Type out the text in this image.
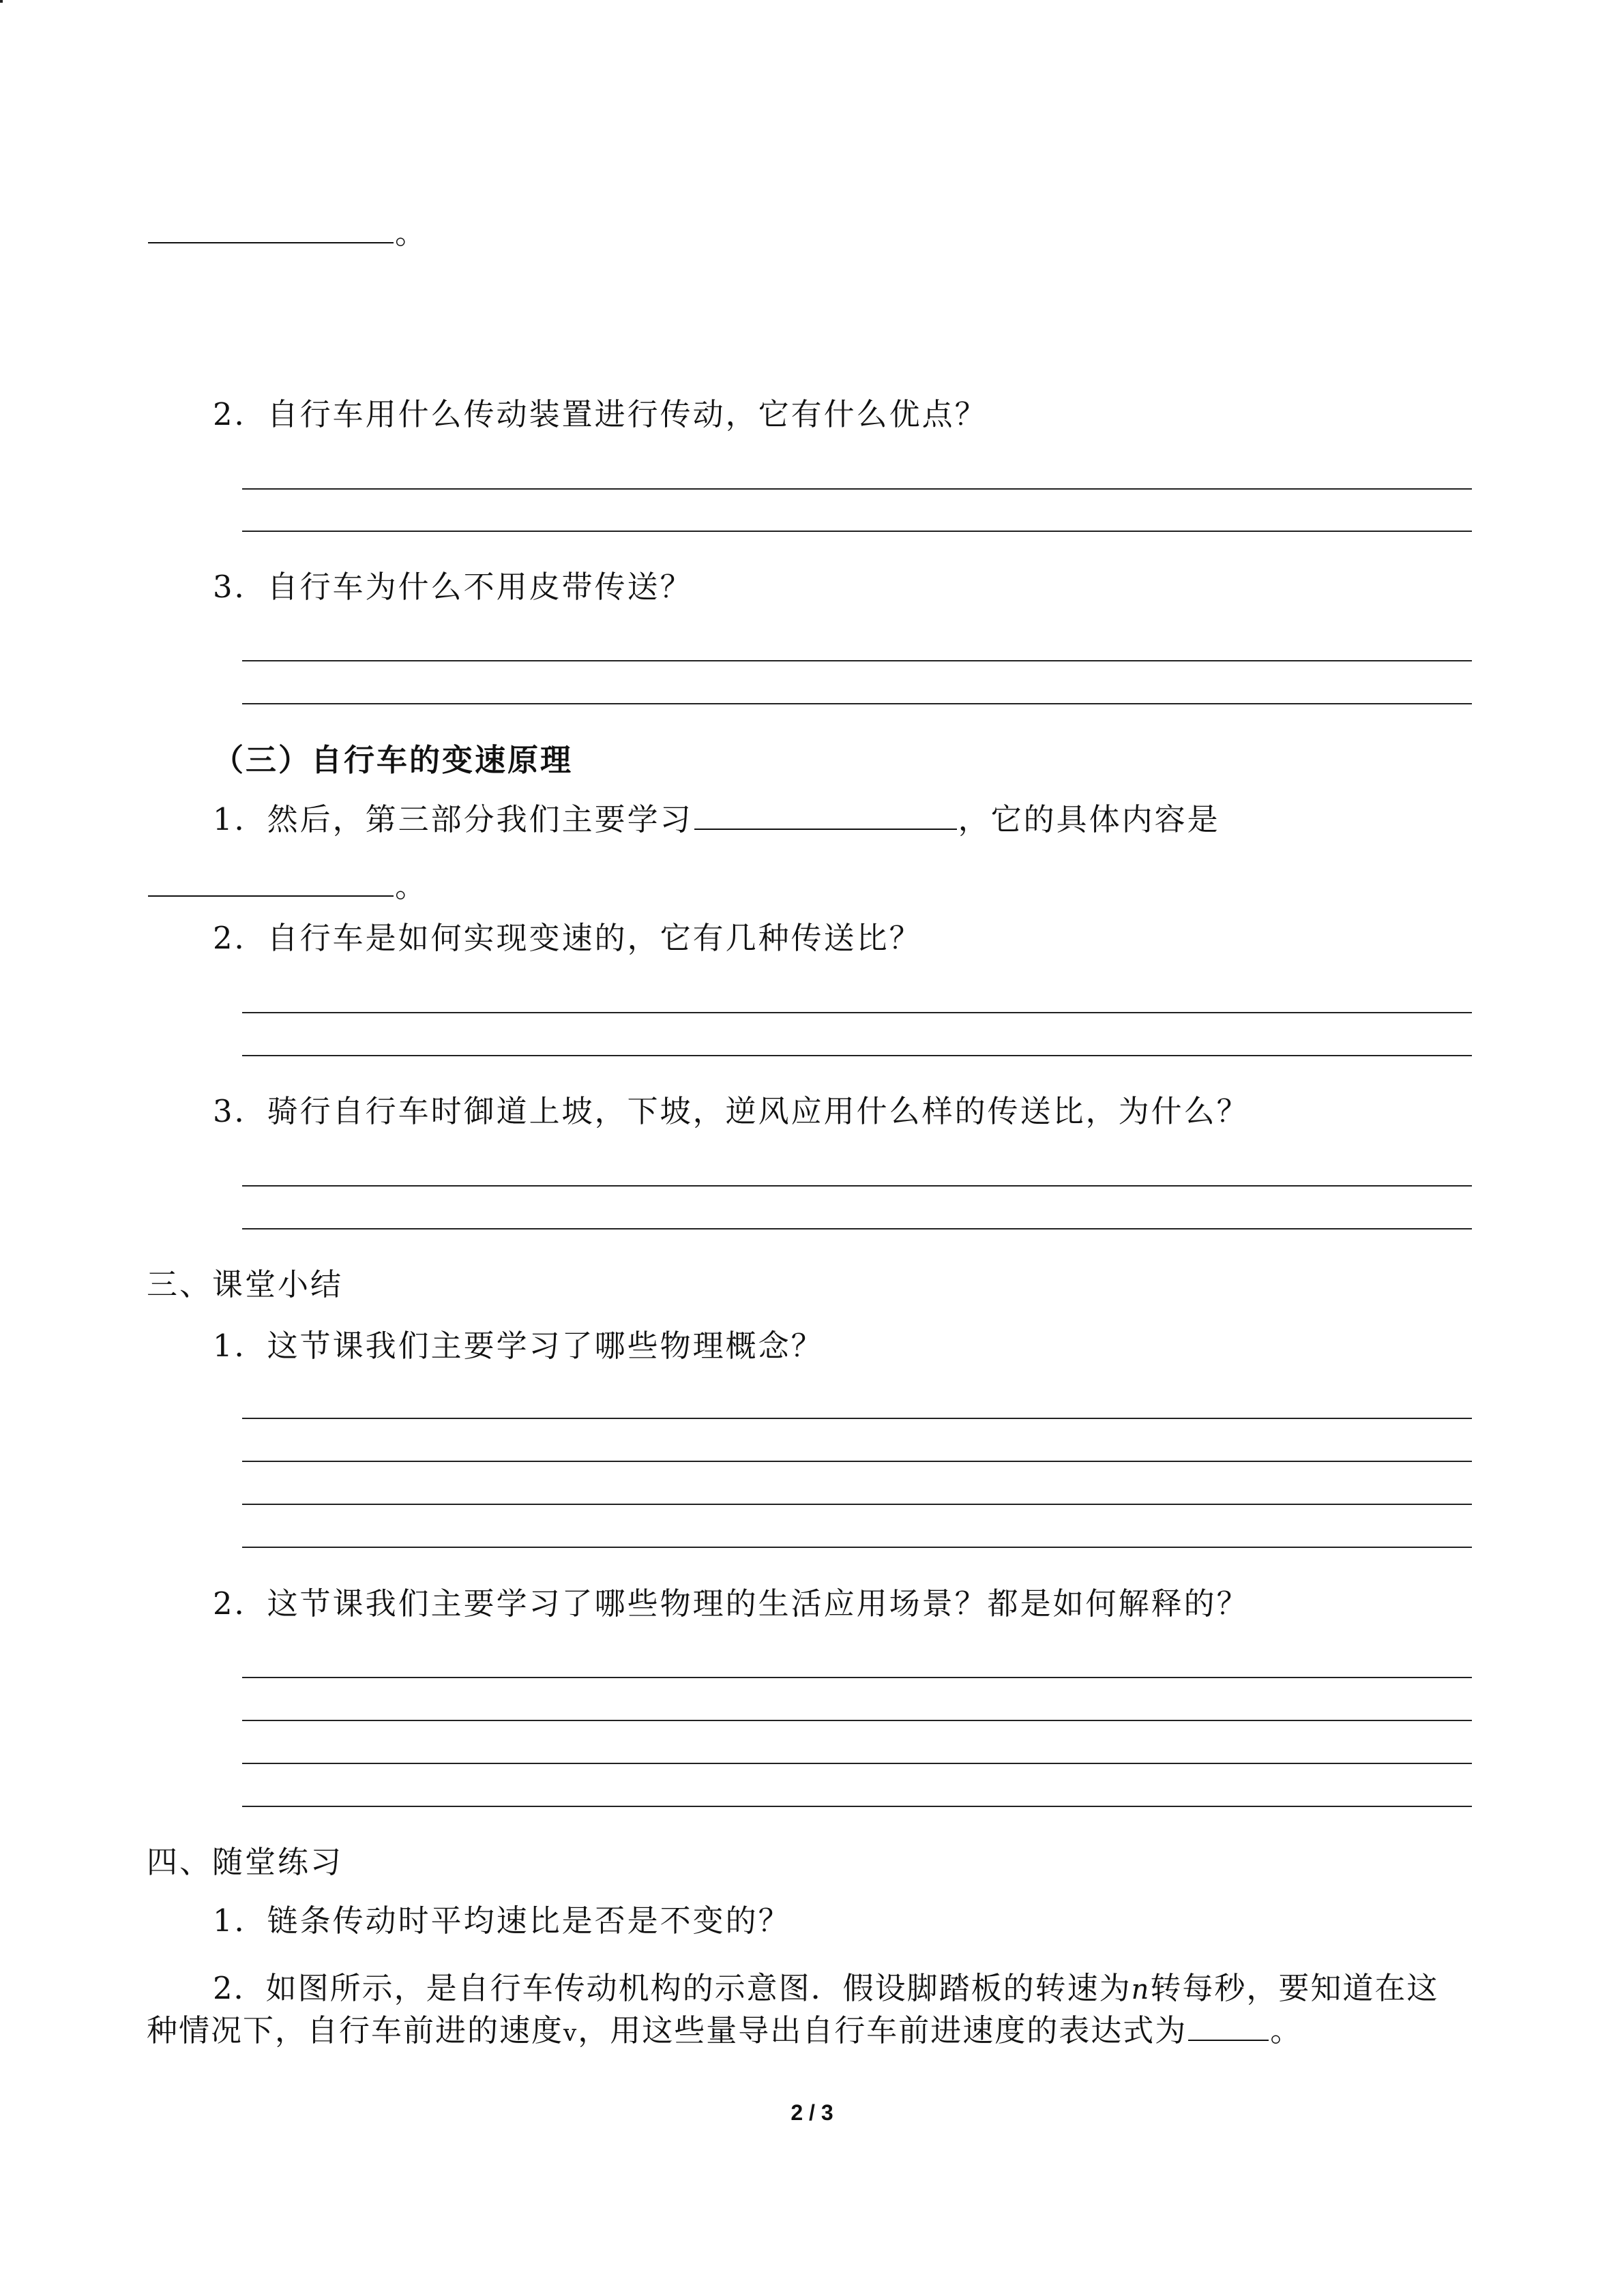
。
2．自行车用什么传动装置进行传动，它有什么优点？
3．自行车为什么不用皮带传送？
（三）自行车的变速原理
1．然后，第三部分我们主要学习	，它的具体内容是
。
2．自行车是如何实现变速的，它有几种传送比？
3．骑行自行车时御道上坡，下坡，逆风应用什么样的传送比，为什么？
三、课堂小结
1．这节课我们主要学习了哪些物理概念？
2．这节课我们主要学习了哪些物理的生活应用场景？都是如何解释的？
四、随堂练习
1．链条传动时平均速比是否是不变的？
2．如图所示，是自行车传动机构的示意图．假设脚踏板的转速为n转每秒，要知道在这
种情况下，自行车前进的速度v，用这些量导出自行车前进速度的表达式为	。
2 / 3
